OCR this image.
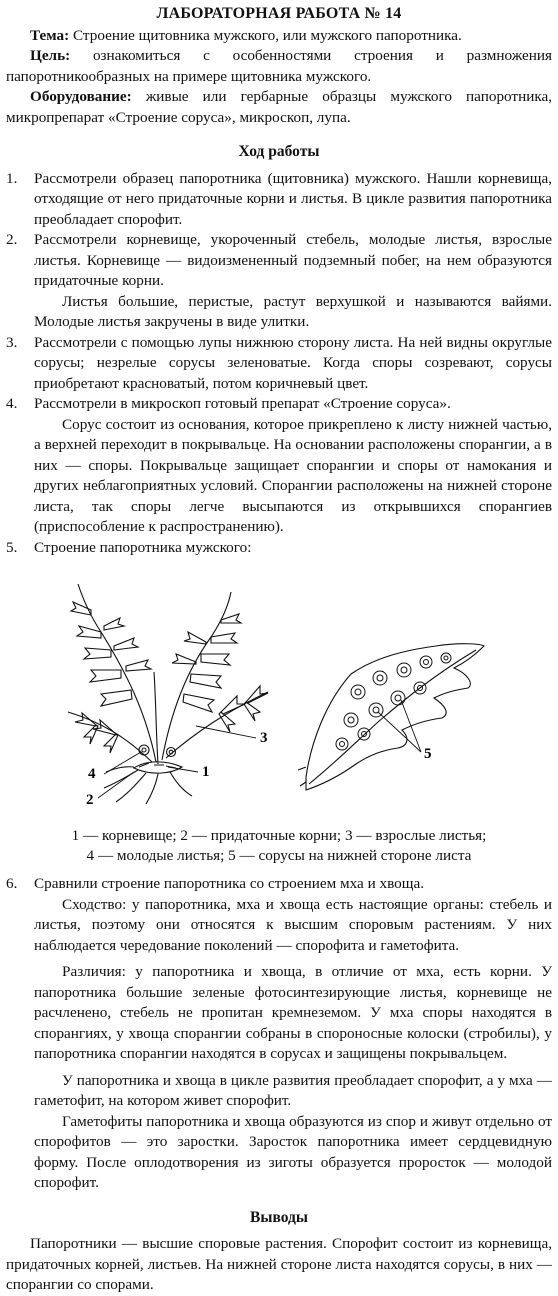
ЛАБОРАТОРНАЯ РАБОТА № 14

Тема: Строение щитовника мужского, или мужского папоротника.

Цель: ознакомиться с особенностями строения и размножения папоротникообразных на примере щитовника мужского.

Оборудование: живые или гербарные образцы мужского папоротника, микропрепарат «Строение соруса», микроскоп, лупа.

Ход работы
1. Рассмотрели образец папоротника (щитовника) мужского. Нашли корневища, отходящие от него придаточные корни и листья. В цикле развития папоротника преобладает спорофит.

2. Рассмотрели корневище, укороченный стебель, молодые листья, взрослые листья. Корневище — видоизмененный подземный побег, на нем образуются придаточные корни.

Листья большие, перистые, растут верхушкой и называются вайями. Молодые листья закручены в виде улитки.

3. Рассмотрели с помощью лупы нижнюю сторону листа. На ней видны округлые сорусы; незрелые сорусы зеленоватые. Когда споры созревают, сорусы приобретают красноватый, потом коричневый цвет.

4. Рассмотрели в микроскоп готовый препарат «Строение соруса».

Сорус состоит из основания, которое прикреплено к листу нижней частью, а верхней переходит в покрывальце. На основании расположены спорангии, а в них — споры. Покрывальце защищает спорангии и споры от намокания и других неблагоприятных условий. Спорангии расположены на нижней стороне листа, так споры легче высыпаются из открывшихся спорангиев (приспособление к распространению).

5. Строение папоротника мужского:

1
2
3
4
5
1 — корневище; 2 — придаточные корни; 3 — взрослые листья;
4 — молодые листья; 5 — сорусы на нижней стороне листа
6. Сравнили строение папоротника со строением мха и хвоща.

Сходство: у папоротника, мха и хвоща есть настоящие органы: стебель и листья, поэтому они относятся к высшим споровым растениям. У них наблюдается чередование поколений — спорофита и гаметофита.

Различия: у папоротника и хвоща, в отличие от мха, есть корни. У папоротника большие зеленые фотосинтезирующие листья, корневище не расчленено, стебель не пропитан кремнеземом. У мха споры находятся в спорангиях, у хвоща спорангии собраны в спороносные колоски (стробилы), у папоротника спорангии находятся в сорусах и защищены покрывальцем.

У папоротника и хвоща в цикле развития преобладает спорофит, а у мха — гаметофит, на котором живет спорофит.

Гаметофиты папоротника и хвоща образуются из спор и живут отдельно от спорофитов — это заростки. Заросток папоротника имеет сердцевидную форму. После оплодотворения из зиготы образуется проросток — молодой спорофит.

Выводы

Папоротники — высшие споровые растения. Спорофит состоит из корневища, придаточных корней, листьев. На нижней стороне листа находятся сорусы, в них — спорангии со спорами.
